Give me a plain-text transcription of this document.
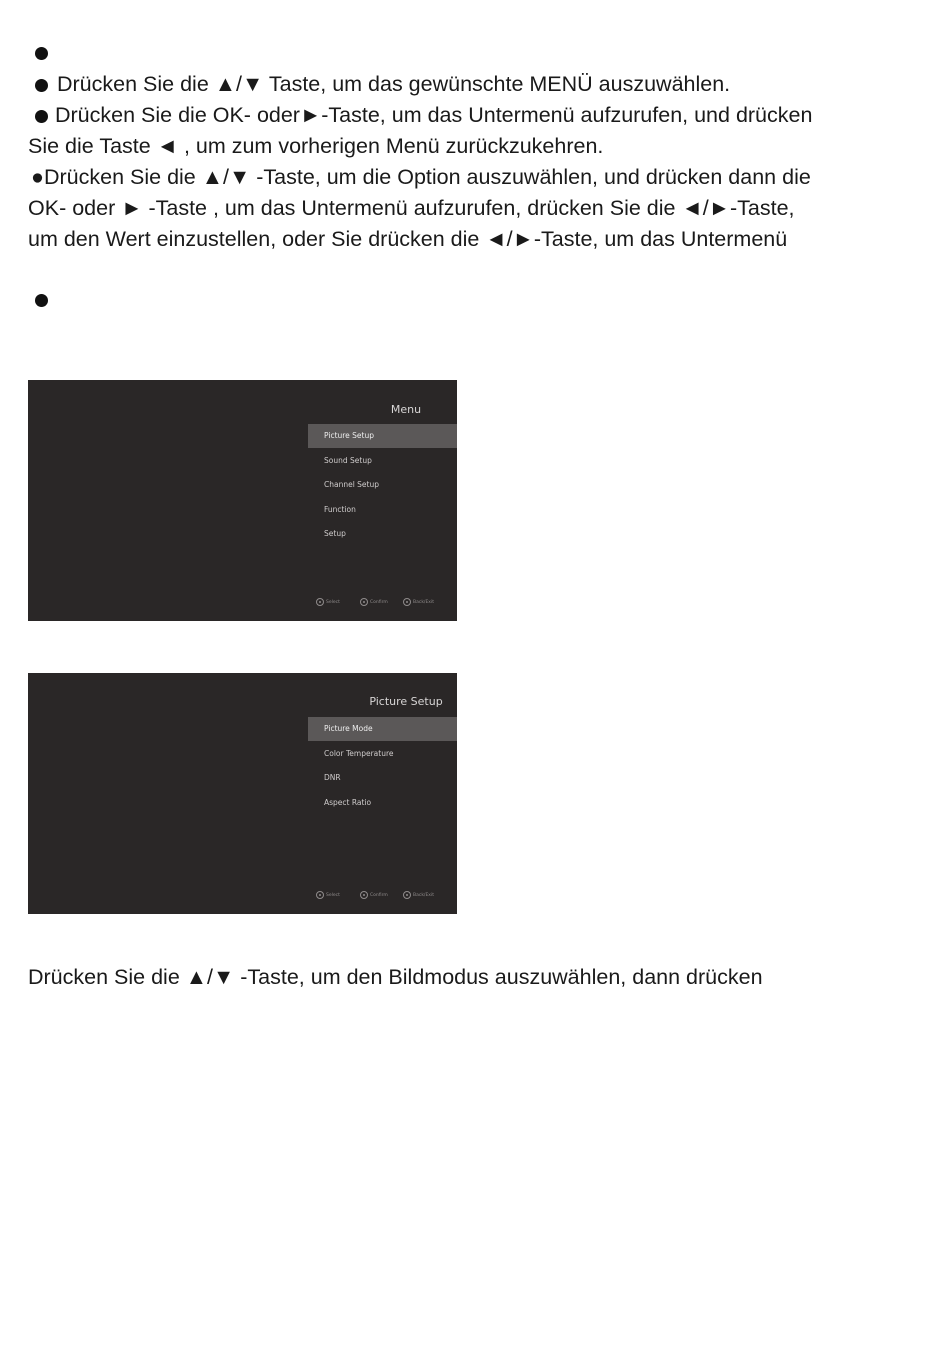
Drücken Sie die ▲/▼ Taste, um das gewünschte MENÜ auszuwählen.
Drücken Sie die OK- oder►-Taste, um das Untermenü aufzurufen, und drücken
Sie die Taste ◄ , um zum vorherigen Menü zurückzukehren.
●Drücken Sie die ▲/▼ -Taste, um die Option auszuwählen, und drücken dann die
OK- oder ► -Taste , um das Untermenü aufzurufen, drücken Sie die ◄/►-Taste,
um den Wert einzustellen, oder Sie drücken die ◄/►-Taste, um das Untermenü
Menu
Picture Setup
Sound Setup
Channel Setup
Function
Setup
Select	Confirm	Back/Exit
Picture Setup
Picture Mode
Color Temperature
DNR
Aspect Ratio
Select	Confirm	Back/Exit
Drücken Sie die ▲/▼ -Taste, um den Bildmodus auszuwählen, dann drücken
